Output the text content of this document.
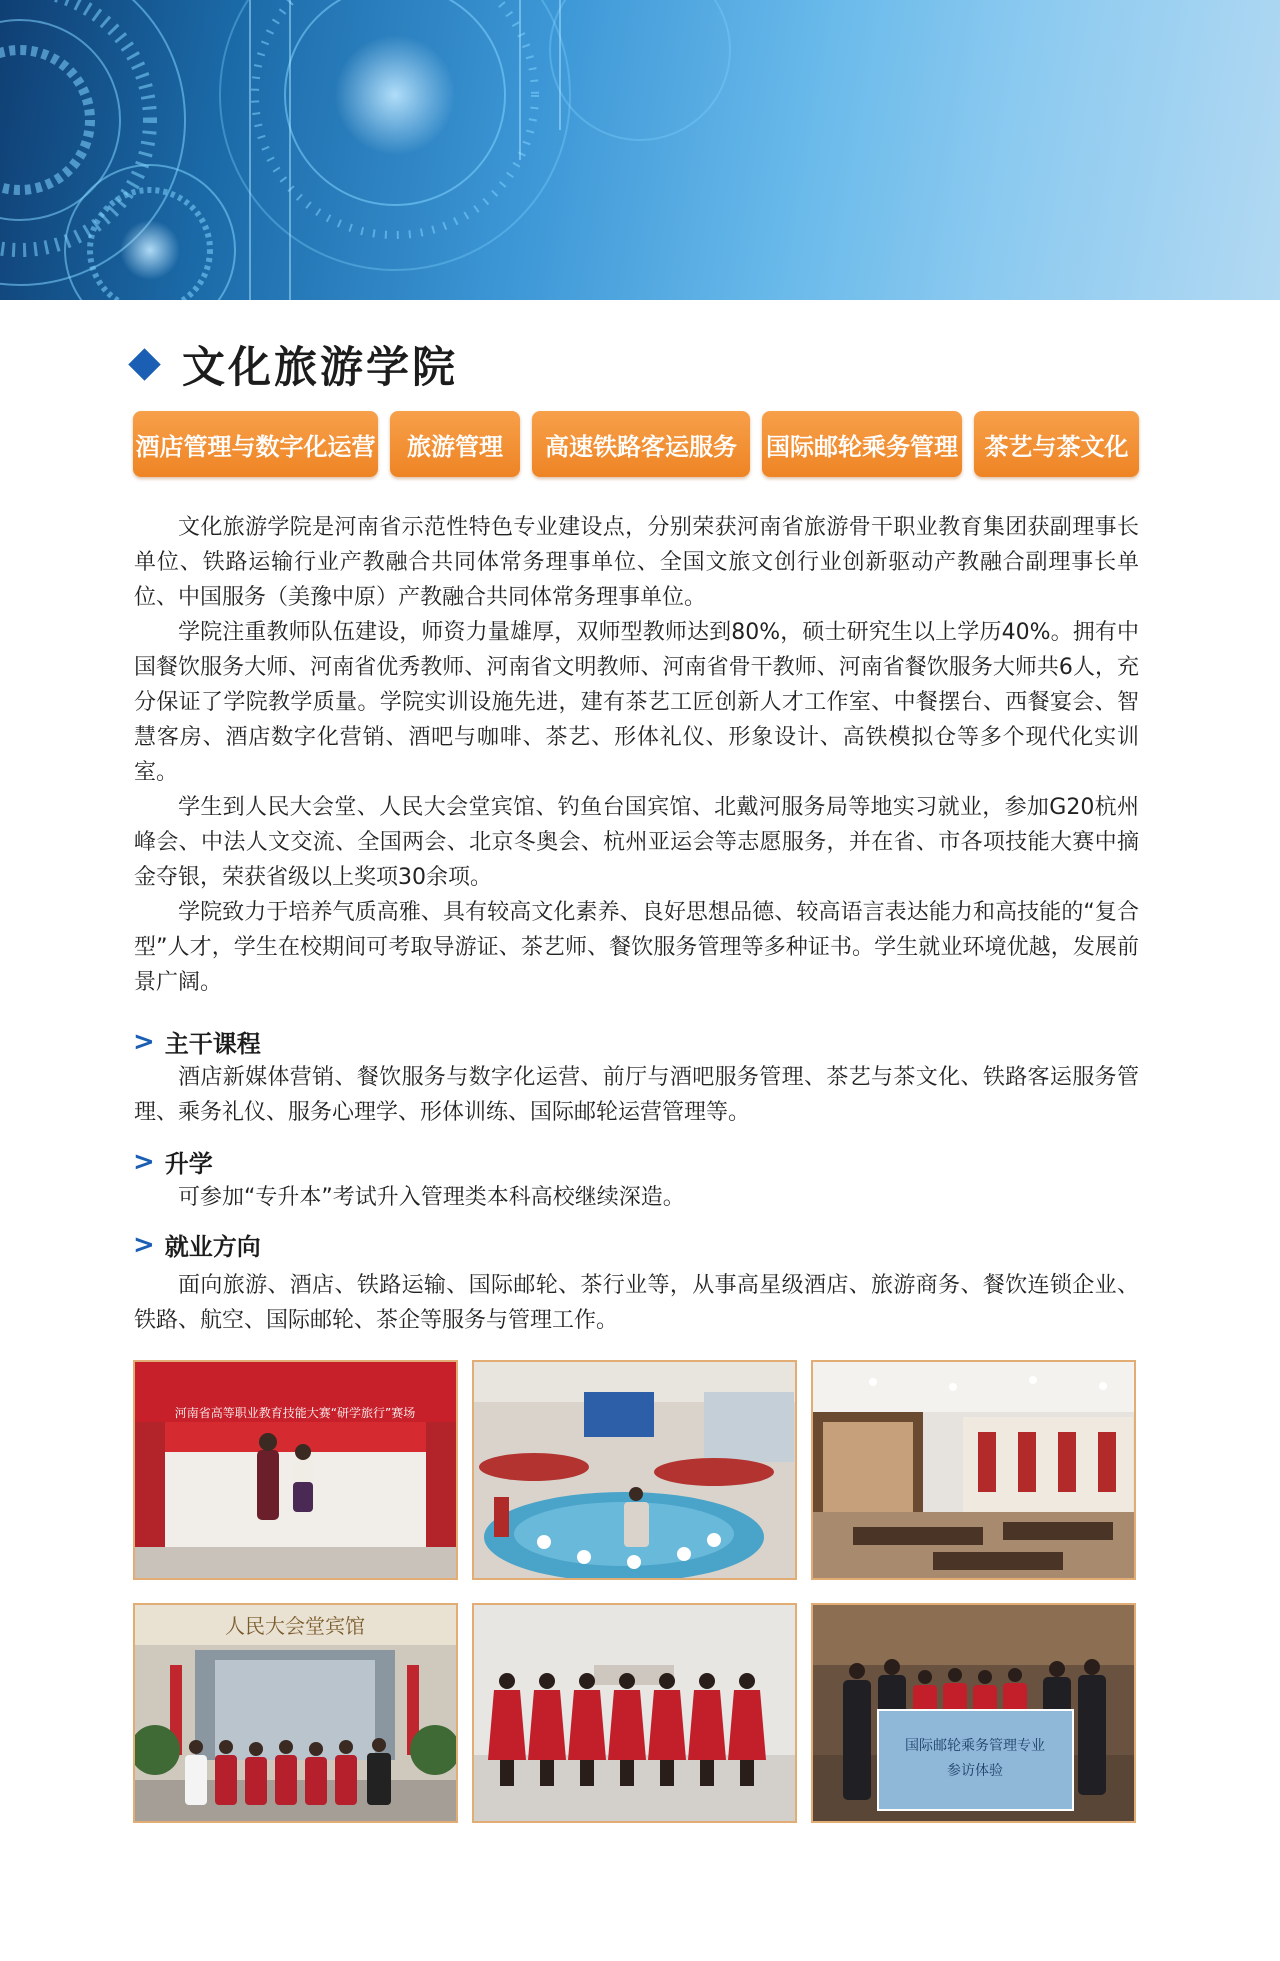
文化旅游学院
酒店管理与数字化运营	旅游管理	高速铁路客运服务	国际邮轮乘务管理	茶艺与茶文化

文化旅游学院是河南省示范性特色专业建设点，分别荣获河南省旅游骨干职业教育集团获副理事长单位、铁路运输行业产教融合共同体常务理事单位、全国文旅文创行业创新驱动产教融合副理事长单位、中国服务（美豫中原）产教融合共同体常务理事单位。

学院注重教师队伍建设，师资力量雄厚，双师型教师达到80%，硕士研究生以上学历40%。拥有中国餐饮服务大师、河南省优秀教师、河南省文明教师、河南省骨干教师、河南省餐饮服务大师共6人，充分保证了学院教学质量。学院实训设施先进，建有茶艺工匠创新人才工作室、中餐摆台、西餐宴会、智慧客房、酒店数字化营销、酒吧与咖啡、茶艺、形体礼仪、形象设计、高铁模拟仓等多个现代化实训室。

学生到人民大会堂、人民大会堂宾馆、钓鱼台国宾馆、北戴河服务局等地实习就业，参加G20杭州峰会、中法人文交流、全国两会、北京冬奥会、杭州亚运会等志愿服务，并在省、市各项技能大赛中摘金夺银，荣获省级以上奖项30余项。

学院致力于培养气质高雅、具有较高文化素养、良好思想品德、较高语言表达能力和高技能的“复合型”人才，学生在校期间可考取导游证、茶艺师、餐饮服务管理等多种证书。学生就业环境优越，发展前景广阔。

> 主干课程

酒店新媒体营销、餐饮服务与数字化运营、前厅与酒吧服务管理、茶艺与茶文化、铁路客运服务管理、乘务礼仪、服务心理学、形体训练、国际邮轮运营管理等。

> 升学

可参加“专升本”考试升入管理类本科高校继续深造。

> 就业方向

面向旅游、酒店、铁路运输、国际邮轮、茶行业等，从事高星级酒店、旅游商务、餐饮连锁企业、铁路、航空、国际邮轮、茶企等服务与管理工作。

河南省高等职业教育技能大赛“研学旅行”赛场
人民大会堂宾馆
国际邮轮乘务管理专业
参访体验
